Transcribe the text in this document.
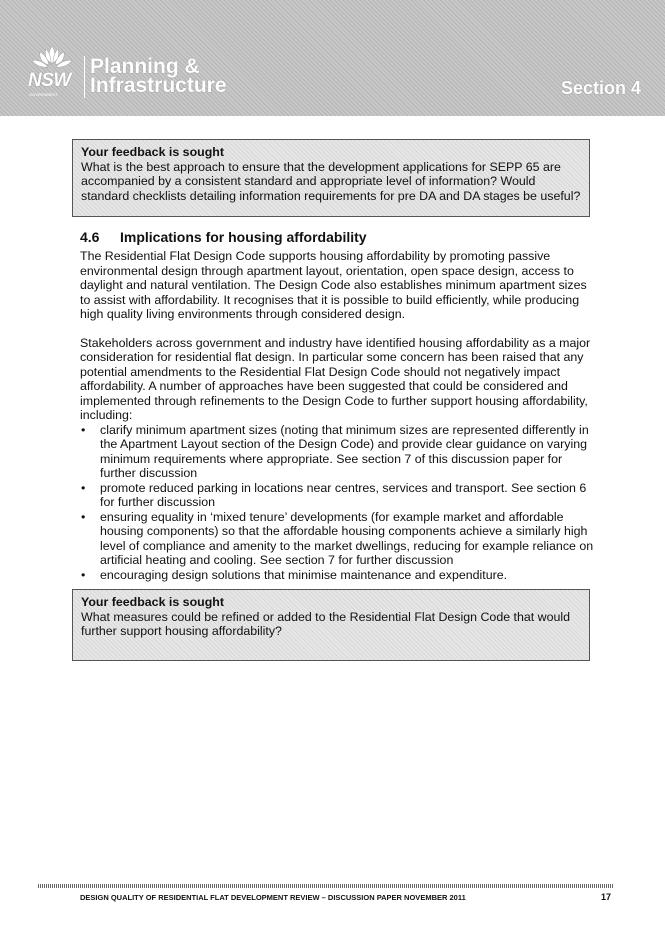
NSW
GOVERNMENT
Planning &
Infrastructure	Section 4
Your feedback is sought
What is the best approach to ensure that the development applications for SEPP 65 are accompanied by a consistent standard and appropriate level of information? Would standard checklists detailing information requirements for pre DA and DA stages be useful?
4.6 Implications for housing affordability

The Residential Flat Design Code supports housing affordability by promoting passive environmental design through apartment layout, orientation, open space design, access to daylight and natural ventilation. The Design Code also establishes minimum apartment sizes to assist with affordability. It recognises that it is possible to build efficiently, while producing high quality living environments through considered design.

Stakeholders across government and industry have identified housing affordability as a major consideration for residential flat design. In particular some concern has been raised that any potential amendments to the Residential Flat Design Code should not negatively impact affordability. A number of approaches have been suggested that could be considered and implemented through refinements to the Design Code to further support housing affordability, including:

• clarify minimum apartment sizes (noting that minimum sizes are represented differently in the Apartment Layout section of the Design Code) and provide clear guidance on varying minimum requirements where appropriate. See section 7 of this discussion paper for further discussion
• promote reduced parking in locations near centres, services and transport. See section 6 for further discussion
• ensuring equality in ‘mixed tenure’ developments (for example market and affordable housing components) so that the affordable housing components achieve a similarly high level of compliance and amenity to the market dwellings, reducing for example reliance on artificial heating and cooling. See section 7 for further discussion
• encouraging design solutions that minimise maintenance and expenditure.
Your feedback is sought
What measures could be refined or added to the Residential Flat Design Code that would further support housing affordability?
DESIGN QUALITY OF RESIDENTIAL FLAT DEVELOPMENT REVIEW – DISCUSSION PAPER NOVEMBER 2011	17
